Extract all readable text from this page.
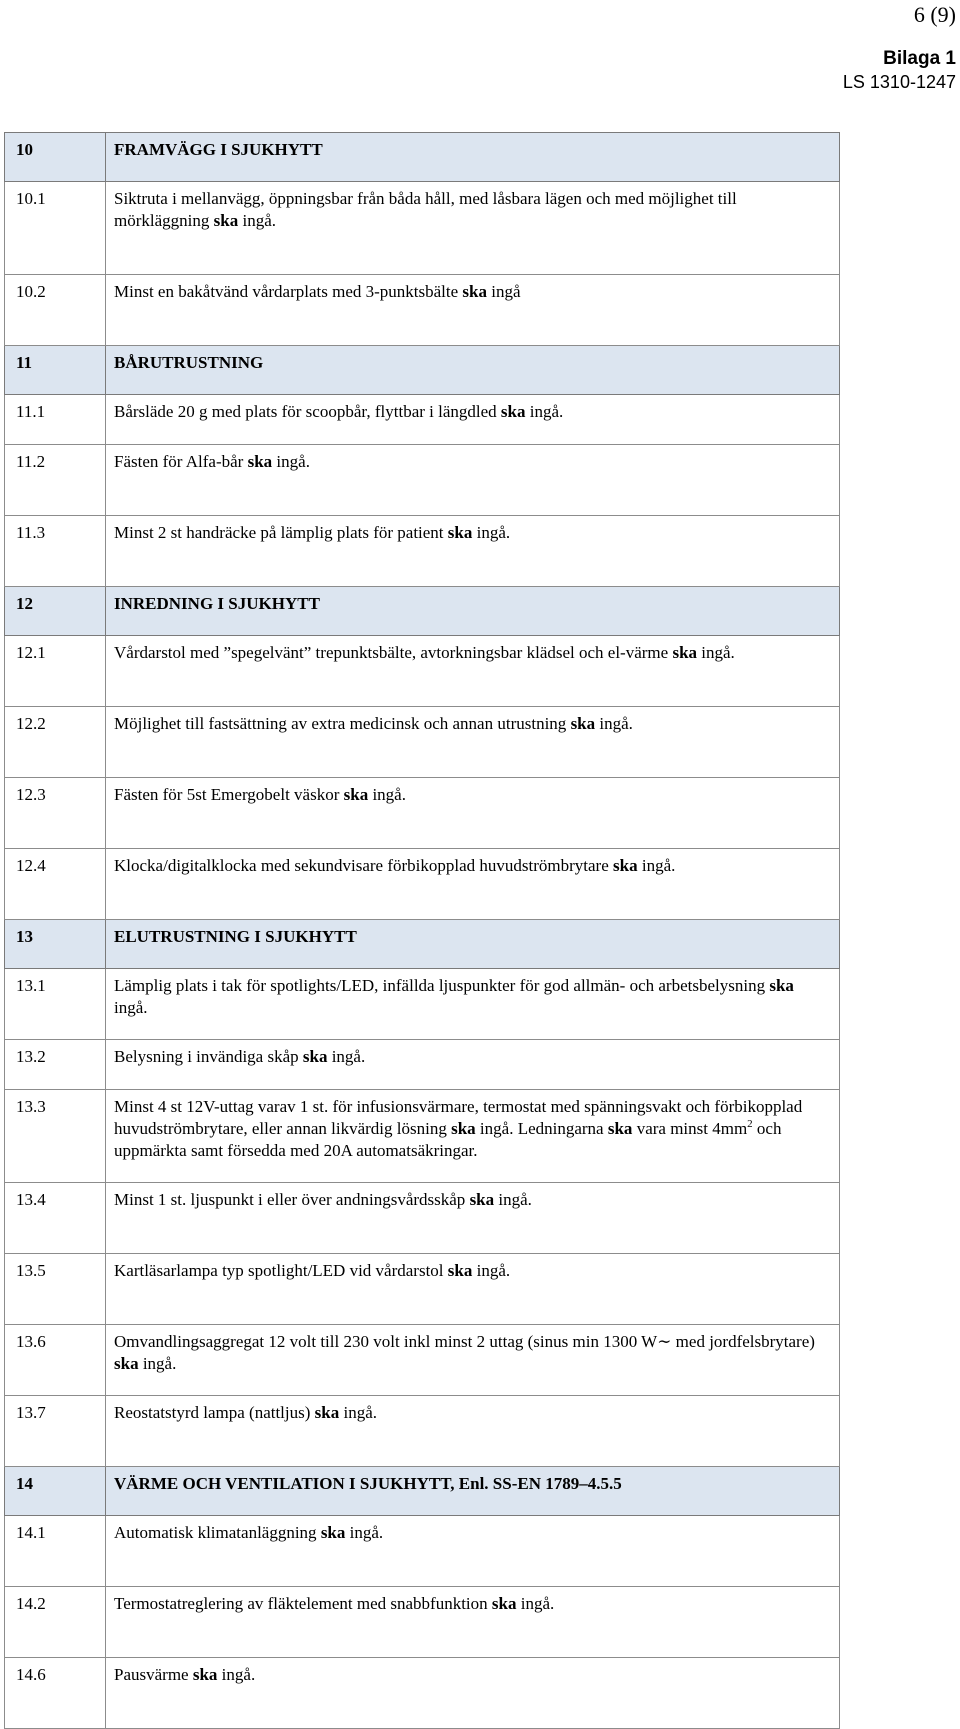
6 (9)
Bilaga 1
LS 1310-1247
10	FRAMVÄGG I SJUKHYTT
10.1	Siktruta i mellanvägg, öppningsbar från båda håll, med låsbara lägen och med möjlighet till mörkläggning ska ingå.
10.2	Minst en bakåtvänd vårdarplats med 3-punktsbälte ska ingå
11	BÅRUTRUSTNING
11.1	Bårsläde 20 g med plats för scoopbår, flyttbar i längdled ska ingå.
11.2	Fästen för Alfa-bår ska ingå.
11.3	Minst 2 st handräcke på lämplig plats för patient ska ingå.
12	INREDNING I SJUKHYTT
12.1	Vårdarstol med ”spegelvänt” trepunktsbälte, avtorkningsbar klädsel och el-värme ska ingå.
12.2	Möjlighet till fastsättning av extra medicinsk och annan utrustning ska ingå.
12.3	Fästen för 5st Emergobelt väskor ska ingå.
12.4	Klocka/digitalklocka med sekundvisare förbikopplad huvudströmbrytare ska ingå.
13	ELUTRUSTNING I SJUKHYTT
13.1	Lämplig plats i tak för spotlights/LED, infällda ljuspunkter för god allmän- och arbetsbelysning ska ingå.
13.2	Belysning i invändiga skåp ska ingå.
13.3	Minst 4 st 12V-uttag varav 1 st. för infusionsvärmare, termostat med spänningsvakt och förbikopplad huvudströmbrytare, eller annan likvärdig lösning ska ingå. Ledningarna ska vara minst $4mm^2$ och uppmärkta samt försedda med 20A automatsäkringar.
13.4	Minst 1 st. ljuspunkt i eller över andningsvårdsskåp ska ingå.
13.5	Kartläsarlampa typ spotlight/LED vid vårdarstol ska ingå.
13.6	Omvandlingsaggregat 12 volt till 230 volt inkl minst 2 uttag (sinus min 1300 W∼ med jordfelsbrytare) ska ingå.
13.7	Reostatstyrd lampa (nattljus) ska ingå.
14	VÄRME OCH VENTILATION I SJUKHYTT, Enl. SS-EN 1789–4.5.5
14.1	Automatisk klimatanläggning ska ingå.
14.2	Termostatreglering av fläktelement med snabbfunktion ska ingå.
14.6	Pausvärme ska ingå.
